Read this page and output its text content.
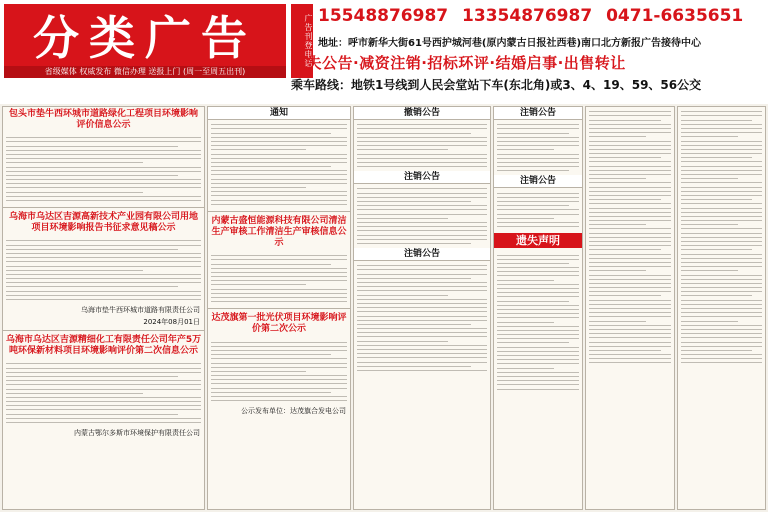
分类广告
省级媒体 权威发布 微信办理 送报上门 (周一至周五出刊)
广告刊登电话 15548876987 13354876987 0471-6635651
地址：呼市新华大街61号西护城河巷(原内蒙古日报社西巷)南口北方新报广告接待中心
遗失公告·减资注销·招标环评·结婚启事·出售转让
乘车路线：地铁1号线到人民会堂站下车(东北角)或3、4、19、59、56公交
包头市垫牛西环城市道路绿化工程项目环境影响评价信息公示
乌海市乌达区吉源高新技术产业园有限公司用地项目环境影响报告书征求意见稿公示
乌海市垫牛西环城市道路有限责任公司
2024年08月01日
乌海市乌达区吉源精细化工有限责任公司年产5万吨环保新材料项目环境影响评价第二次信息公示
内蒙古鄂尔多斯市环境保护有限责任公司
通知
内蒙古盛恒能源科技有限公司清洁生产审核工作清洁生产审核信息公示
达茂旗第一批光伏项目环境影响评价第二次公示
公示发布单位：达茂旗合发电公司
撤销公告
注销公告
注销公告
注销公告
注销公告
遗失声明
